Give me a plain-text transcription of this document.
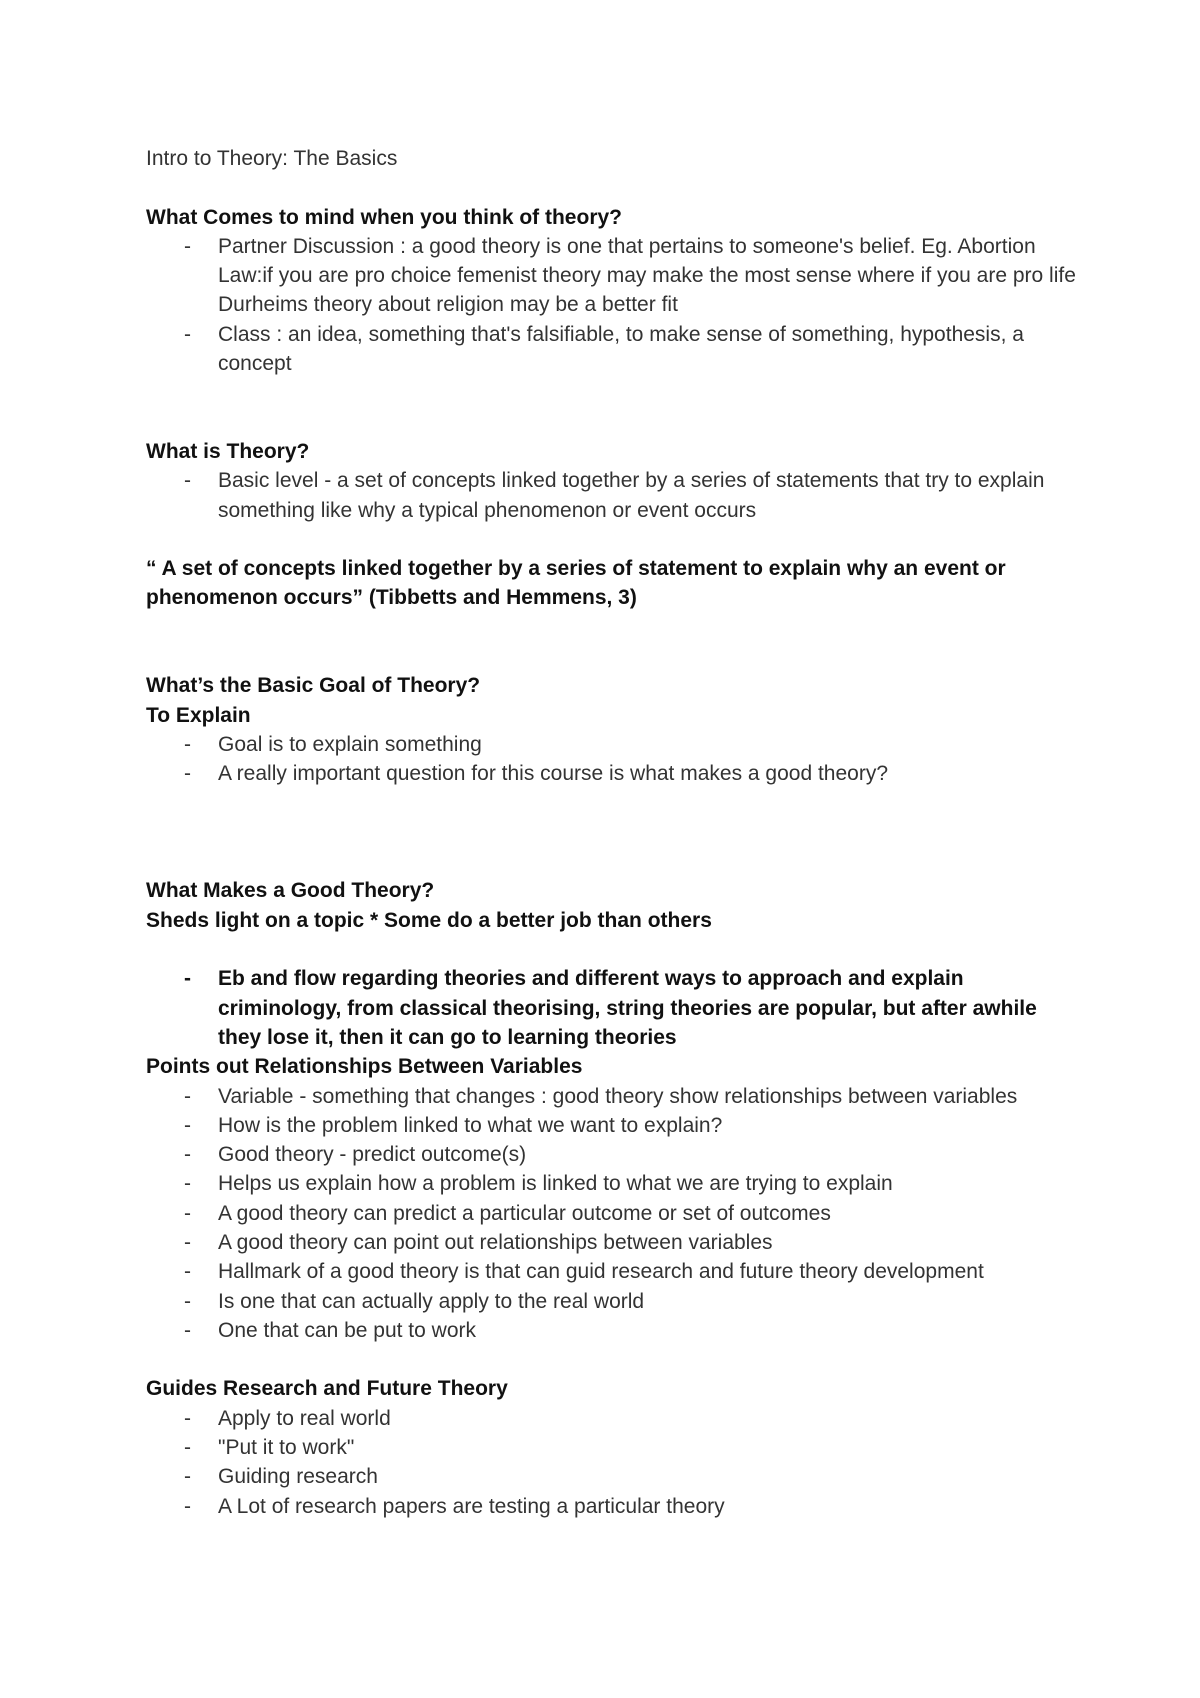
Intro to Theory: The Basics

What Comes to mind when you think of theory?

- Partner Discussion : a good theory is one that pertains to someone's belief. Eg. Abortion Law:if you are pro choice femenist theory may make the most sense where if you are pro life Durheims theory about religion may be a better fit
- Class : an idea, something that's falsifiable, to make sense of something, hypothesis, a concept

What is Theory?

- Basic level - a set of concepts linked together by a series of statements that try to explain something like why a typical phenomenon or event occurs

“ A set of concepts linked together by a series of statement to explain why an event or phenomenon occurs” (Tibbetts and Hemmens, 3)

What’s the Basic Goal of Theory?

To Explain

- Goal is to explain something
- A really important question for this course is what makes a good theory?

What Makes a Good Theory?

Sheds light on a topic * Some do a better job than others

- Eb and flow regarding theories and different ways to approach and explain criminology, from classical theorising, string theories are popular, but after awhile they lose it, then it can go to learning theories

Points out Relationships Between Variables

- Variable - something that changes : good theory show relationships between variables
- How is the problem linked to what we want to explain?
- Good theory - predict outcome(s)
- Helps us explain how a problem is linked to what we are trying to explain
- A good theory can predict a particular outcome or set of outcomes
- A good theory can point out relationships between variables
- Hallmark of a good theory is that can guid research and future theory development
- Is one that can actually apply to the real world
- One that can be put to work

Guides Research and Future Theory

- Apply to real world
- "Put it to work"
- Guiding research
- A Lot of research papers are testing a particular theory
